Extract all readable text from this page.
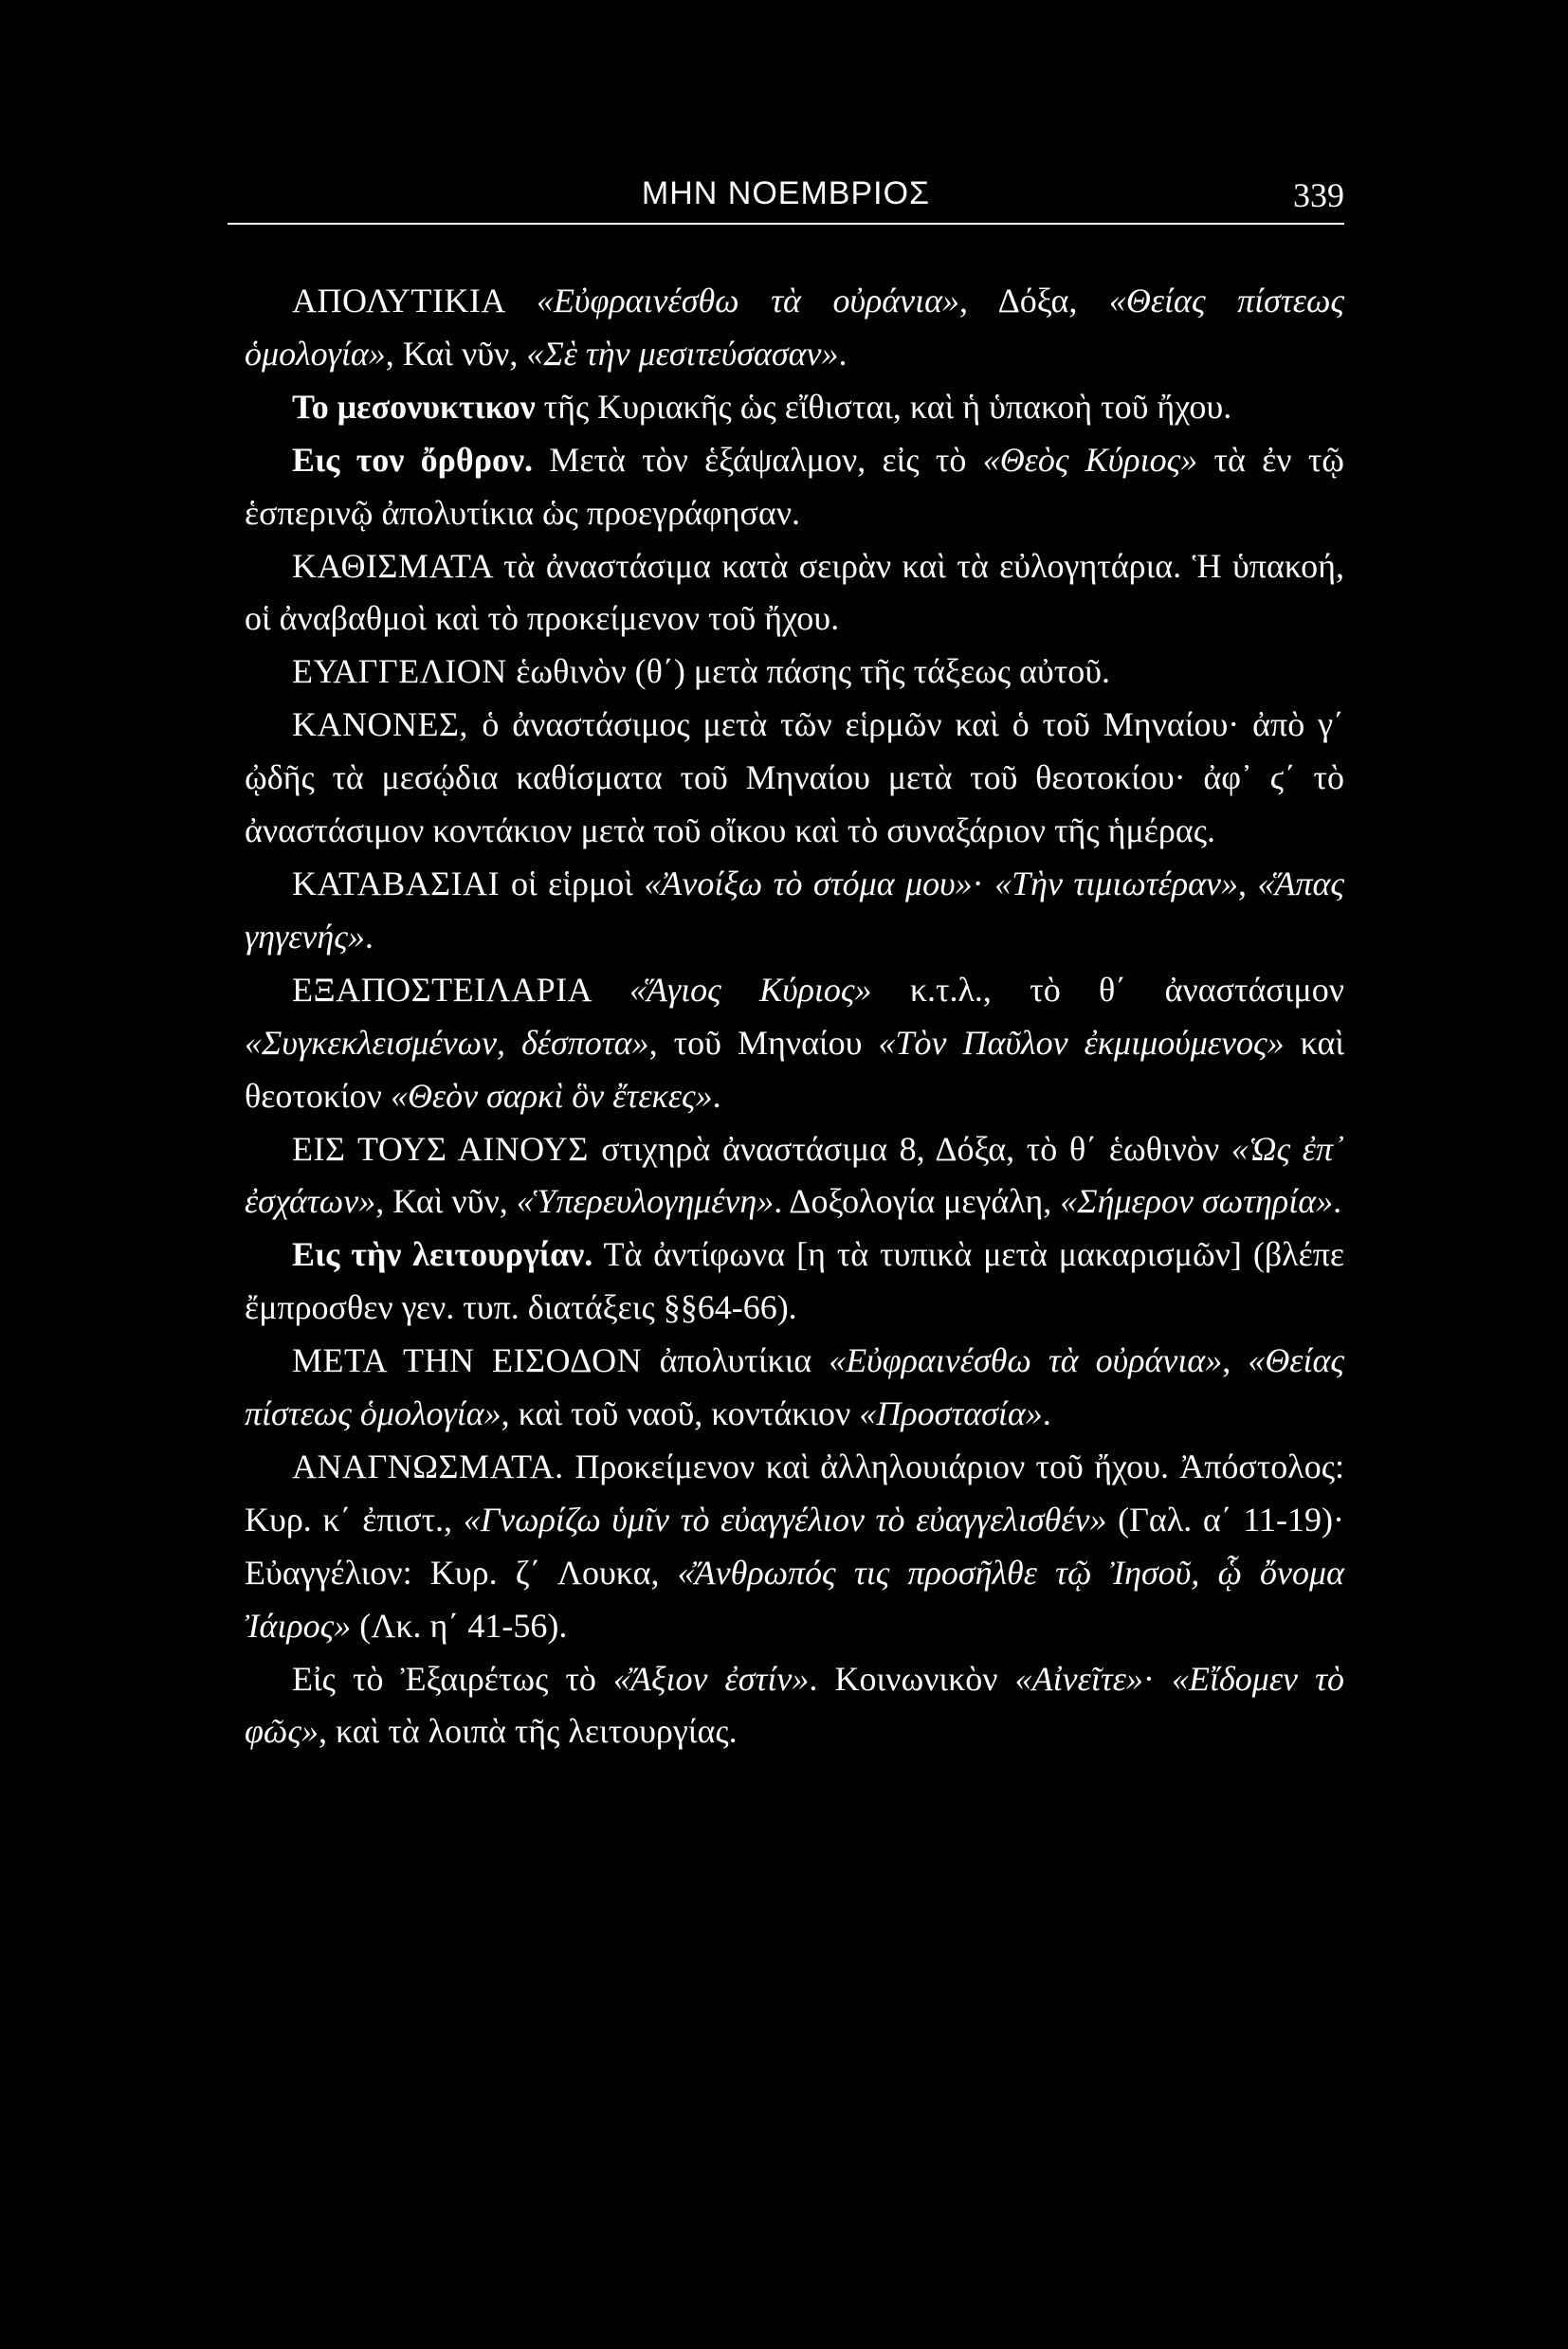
ΜΗΝ ΝΟΕΜΒΡΙΟΣ	339

ΑΠΟΛΥΤΙΚΙΑ «Εὐφραινέσθω τὰ οὐράνια», Δόξα, «Θείας πίστεως ὁμολογία», Καὶ νῦν, «Σὲ τὴν μεσιτεύσασαν».

Το μεσονυκτικον τῆς Κυριακῆς ὡς εἴθισται, καὶ ἡ ὑπακοὴ τοῦ ἤχου.

Εις τον ὄρθρον. Μετὰ τὸν ἑξάψαλμον, εἰς τὸ «Θεὸς Κύριος» τὰ ἐν τῷ ἑσπερινῷ ἀπολυτίκια ὡς προεγράφησαν.

ΚΑΘΙΣΜΑΤΑ τὰ ἀναστάσιμα κατὰ σειρὰν καὶ τὰ εὐλογητάρια. Ἡ ὑπακοή, οἱ ἀναβαθμοὶ καὶ τὸ προκείμενον τοῦ ἤχου.

ΕΥΑΓΓΕΛΙΟΝ ἑωθινὸν (θ΄) μετὰ πάσης τῆς τάξεως αὐτοῦ.

ΚΑΝΟΝΕΣ, ὁ ἀναστάσιμος μετὰ τῶν εἱρμῶν καὶ ὁ τοῦ Μηναίου· ἀπὸ γ΄ ᾠδῆς τὰ μεσῴδια καθίσματα τοῦ Μηναίου μετὰ τοῦ θεοτοκίου· ἀφ᾽ ϛ΄ τὸ ἀναστάσιμον κοντάκιον μετὰ τοῦ οἴκου καὶ τὸ συναξάριον τῆς ἡμέρας.

ΚΑΤΑΒΑΣΙΑΙ οἱ εἱρμοὶ «Ἀνοίξω τὸ στόμα μου»· «Τὴν τιμιωτέραν», «Ἅπας γηγενής».

ΕΞΑΠΟΣΤΕΙΛΑΡΙΑ «Ἅγιος Κύριος» κ.τ.λ., τὸ θ΄ ἀναστάσιμον «Συγκεκλεισμένων, δέσποτα», τοῦ Μηναίου «Τὸν Παῦλον ἐκμιμούμενος» καὶ θεοτοκίον «Θεὸν σαρκὶ ὃν ἔτεκες».

ΕΙΣ ΤΟΥΣ ΑΙΝΟΥΣ στιχηρὰ ἀναστάσιμα 8, Δόξα, τὸ θ΄ ἑωθινὸν «Ὡς ἐπ᾽ ἐσχάτων», Καὶ νῦν, «Ὑπερευλογημένη». Δοξολογία μεγάλη, «Σήμερον σωτηρία».

Εις τὴν λειτουργίαν. Τὰ ἀντίφωνα [η τὰ τυπικὰ μετὰ μακαρισμῶν] (βλέπε ἔμπροσθεν γεν. τυπ. διατάξεις §§64-66).

ΜΕΤΑ ΤΗΝ ΕΙΣΟΔΟΝ ἀπολυτίκια «Εὐφραινέσθω τὰ οὐράνια», «Θείας πίστεως ὁμολογία», καὶ τοῦ ναοῦ, κοντάκιον «Προστασία».

ΑΝΑΓΝΩΣΜΑΤΑ. Προκείμενον καὶ ἀλληλουιάριον τοῦ ἤχου. Ἀπόστολος: Κυρ. κ΄ ἐπιστ., «Γνωρίζω ὑμῖν τὸ εὐαγγέλιον τὸ εὐαγγελισθέν» (Γαλ. α΄ 11-19)· Εὐαγγέλιον: Κυρ. ζ΄ Λουκα, «Ἄνθρωπός τις προσῆλθε τῷ Ἰησοῦ, ᾧ ὄνομα Ἰάιρος» (Λκ. η΄ 41-56).

Εἰς τὸ Ἐξαιρέτως τὸ «Ἄξιον ἐστίν». Κοινωνικὸν «Αἰνεῖτε»· «Εἴδομεν τὸ φῶς», καὶ τὰ λοιπὰ τῆς λειτουργίας.
